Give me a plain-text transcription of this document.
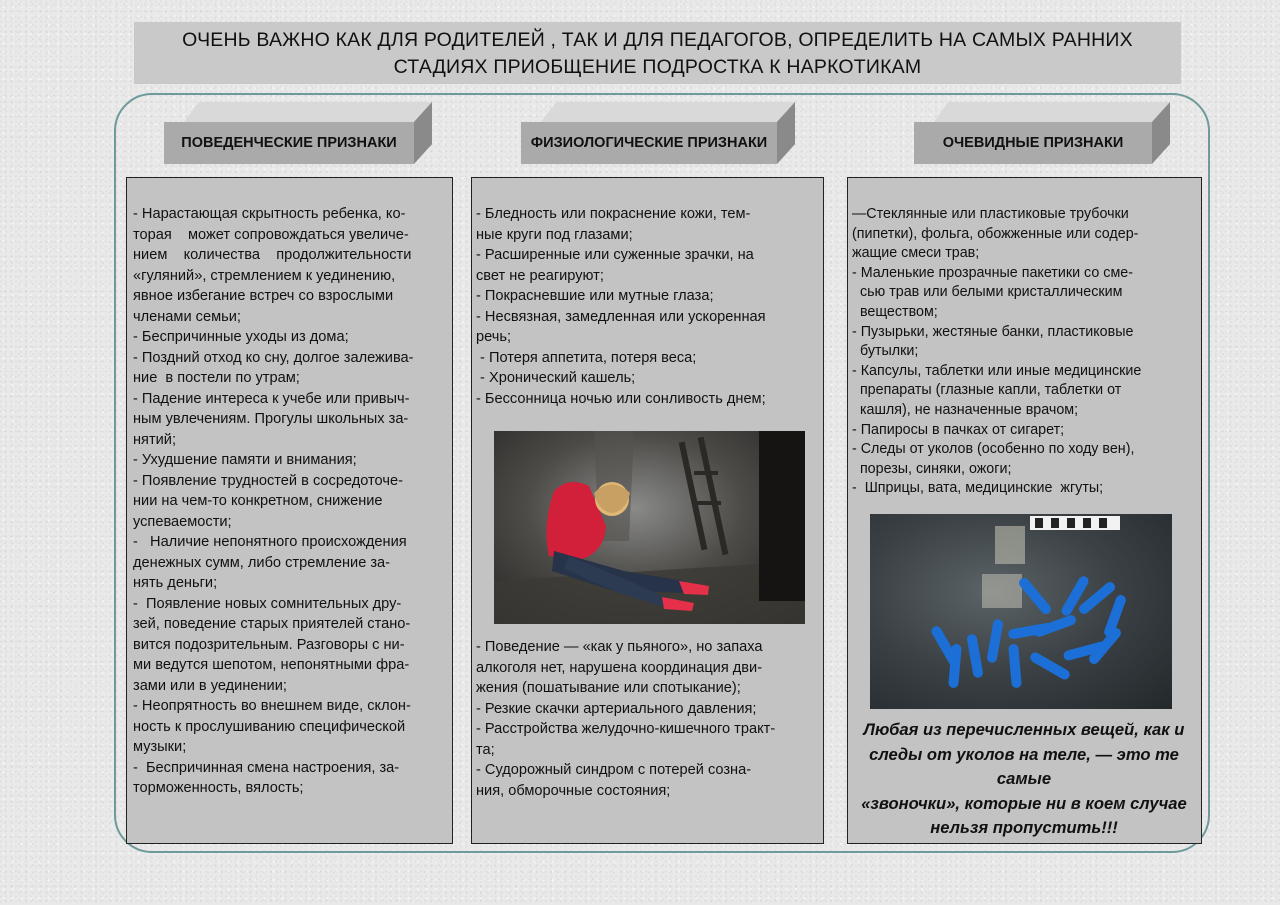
ОЧЕНЬ ВАЖНО КАК ДЛЯ РОДИТЕЛЕЙ , ТАК И ДЛЯ ПЕДАГОГОВ, ОПРЕДЕЛИТЬ НА САМЫХ РАННИХ
СТАДИЯХ ПРИОБЩЕНИЕ ПОДРОСТКА К НАРКОТИКАМ
ПОВЕДЕНЧЕСКИЕ ПРИЗНАКИ	ФИЗИОЛОГИЧЕСКИЕ ПРИЗНАКИ	ОЧЕВИДНЫЕ ПРИЗНАКИ

- Нарастающая скрытность ребенка, ко-

торая    может сопровождаться увеличе-

нием    количества    продолжительности

«гуляний», стремлением к уединению,

явное избегание встреч со взрослыми

членами семьи;

- Беспричинные уходы из дома;

- Поздний отход ко сну, долгое залежива-

ние  в постели по утрам;

- Падение интереса к учебе или привыч-

ным увлечениям. Прогулы школьных за-

нятий;

- Ухудшение памяти и внимания;

- Появление трудностей в сосредоточе-

нии на чем-то конкретном, снижение

успеваемости;

-   Наличие непонятного происхождения

денежных сумм, либо стремление за-

нять деньги;

-  Появление новых сомнительных дру-

зей, поведение старых приятелей стано-

вится подозрительным. Разговоры с ни-

ми ведутся шепотом, непонятными фра-

зами или в уединении;

- Неопрятность во внешнем виде, склон-

ность к прослушиванию специфической

музыки;

-  Беспричинная смена настроения, за-

торможенность, вялость;

- Бледность или покраснение кожи, тем-

ные круги под глазами;

- Расширенные или суженные зрачки, на

свет не реагируют;

- Покрасневшие или мутные глаза;

- Несвязная, замедленная или ускоренная

речь;

- Потеря аппетита, потеря веса;

- Хронический кашель;

- Бессонница ночью или сонливость днем;

- Поведение — «как у пьяного», но запаха

алкоголя нет, нарушена координация дви-

жения (пошатывание или спотыкание);

- Резкие скачки артериального давления;

- Расстройства желудочно-кишечного тракт-

та;

- Судорожный синдром с потерей созна-

ния, обморочные состояния;

—Стеклянные или пластиковые трубочки

(пипетки), фольга, обожженные или содер-

жащие смеси трав;

- Маленькие прозрачные пакетики со сме-

сью трав или белыми кристаллическим

веществом;

- Пузырьки, жестяные банки, пластиковые

бутылки;

- Капсулы, таблетки или иные медицинские

препараты (глазные капли, таблетки от

кашля), не назначенные врачом;

- Папиросы в пачках от сигарет;

- Следы от уколов (особенно по ходу вен),

порезы, синяки, ожоги;

-  Шприцы, вата, медицинские  жгуты;

Любая из перечисленных вещей, как и
следы от уколов на теле, — это те самые
«звоночки», которые ни в коем случае
нельзя пропустить!!!
